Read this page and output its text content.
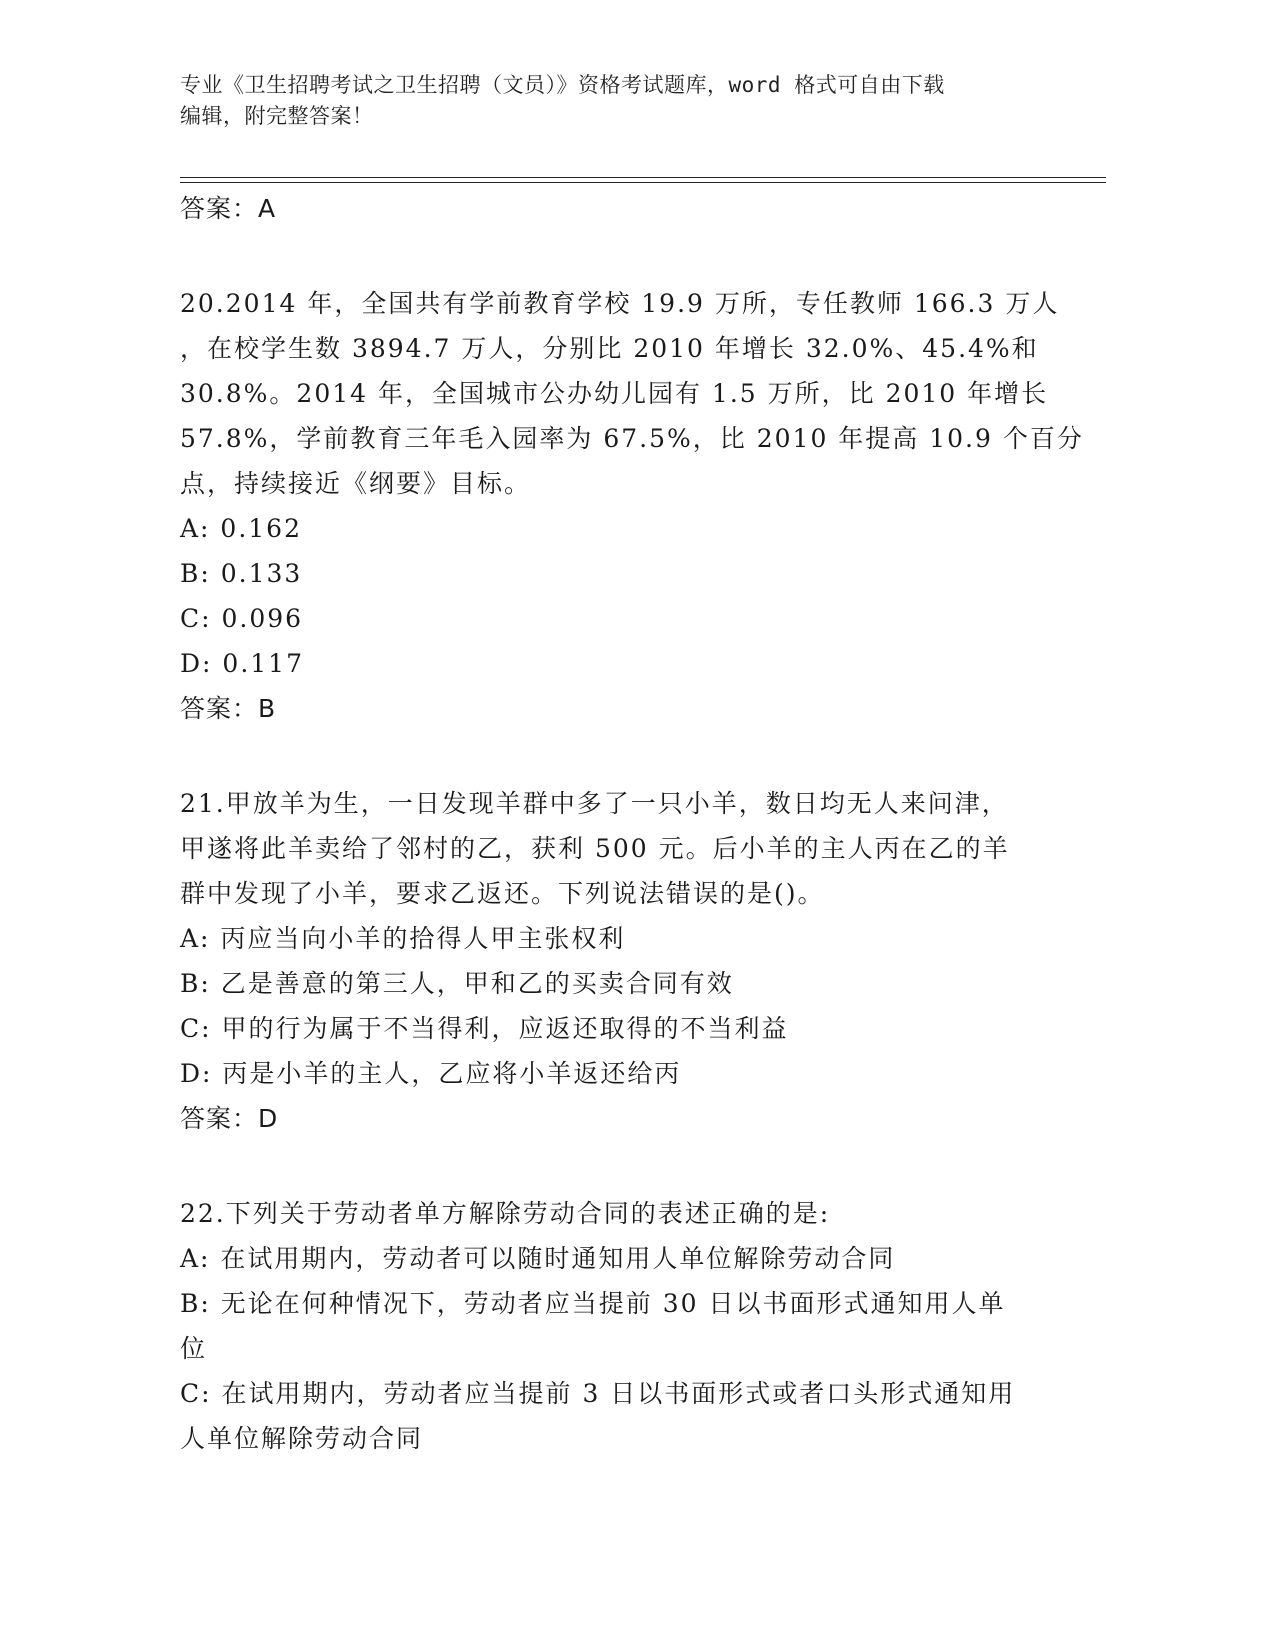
专业《卫生招聘考试之卫生招聘（文员）》资格考试题库，word 格式可自由下载
编辑，附完整答案！
答案：A
20.2014 年，全国共有学前教育学校 19.9 万所，专任教师 166.3 万人
，在校学生数 3894.7 万人，分别比 2010 年增长 32.0%、45.4%和
30.8%。2014 年，全国城市公办幼儿园有 1.5 万所，比 2010 年增长
57.8%，学前教育三年毛入园率为 67.5%，比 2010 年提高 10.9 个百分
点，持续接近《纲要》目标。
A: 0.162
B: 0.133
C: 0.096
D: 0.117
答案：B
21.甲放羊为生，一日发现羊群中多了一只小羊，数日均无人来问津，
甲遂将此羊卖给了邻村的乙，获利 500 元。后小羊的主人丙在乙的羊
群中发现了小羊，要求乙返还。下列说法错误的是()。
A: 丙应当向小羊的拾得人甲主张权利
B: 乙是善意的第三人，甲和乙的买卖合同有效
C: 甲的行为属于不当得利，应返还取得的不当利益
D: 丙是小羊的主人，乙应将小羊返还给丙
答案：D
22.下列关于劳动者单方解除劳动合同的表述正确的是:
A: 在试用期内，劳动者可以随时通知用人单位解除劳动合同
B: 无论在何种情况下，劳动者应当提前 30 日以书面形式通知用人单
位
C: 在试用期内，劳动者应当提前 3 日以书面形式或者口头形式通知用
人单位解除劳动合同
